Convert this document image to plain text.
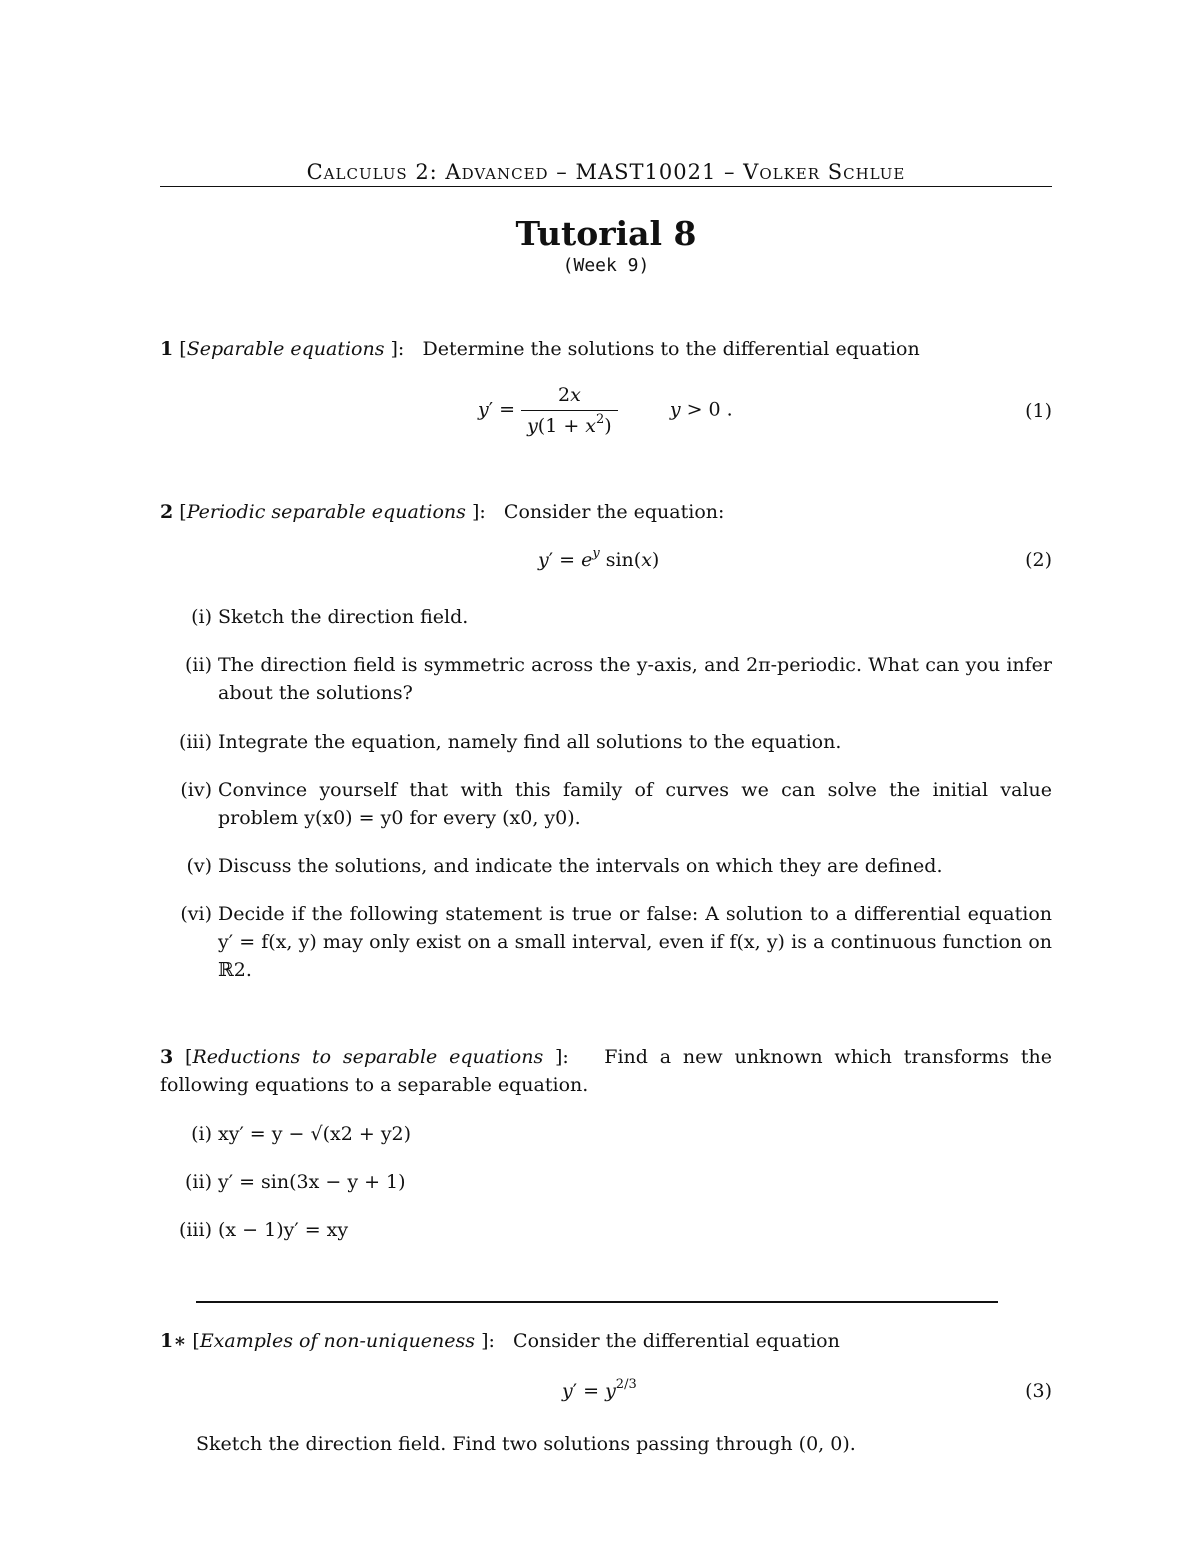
Calculus 2: Advanced – MAST10021 – Volker Schlue
Tutorial 8
(Week 9)
1 [Separable equations ]:   Determine the solutions to the differential equation
$y' = \frac{2x}{y(1 + x^2)}$	y > 0 .	(1)
2 [Periodic separable equations ]:   Consider the equation:
$y' = e^y$ sin(x)	(2)
(i) Sketch the direction field.
(ii) The direction field is symmetric across the y-axis, and 2π-periodic. What can you infer about the solutions?
(iii) Integrate the equation, namely find all solutions to the equation.
(iv) Convince yourself that with this family of curves we can solve the initial value problem y(x0) = y0 for every (x0, y0).
(v) Discuss the solutions, and indicate the intervals on which they are defined.
(vi) Decide if the following statement is true or false: A solution to a differential equation y′ = f(x, y) may only exist on a small interval, even if f(x, y) is a continuous function on ℝ2.
3 [Reductions to separable equations ]:   Find a new unknown which transforms the following equations to a separable equation.
(i) xy′ = y − √(x2 + y2)
(ii) y′ = sin(3x − y + 1)
(iii) (x − 1)y′ = xy
1∗ [Examples of non-uniqueness ]:   Consider the differential equation
$y' = y^{2/3}$	(3)
Sketch the direction field. Find two solutions passing through (0, 0).
